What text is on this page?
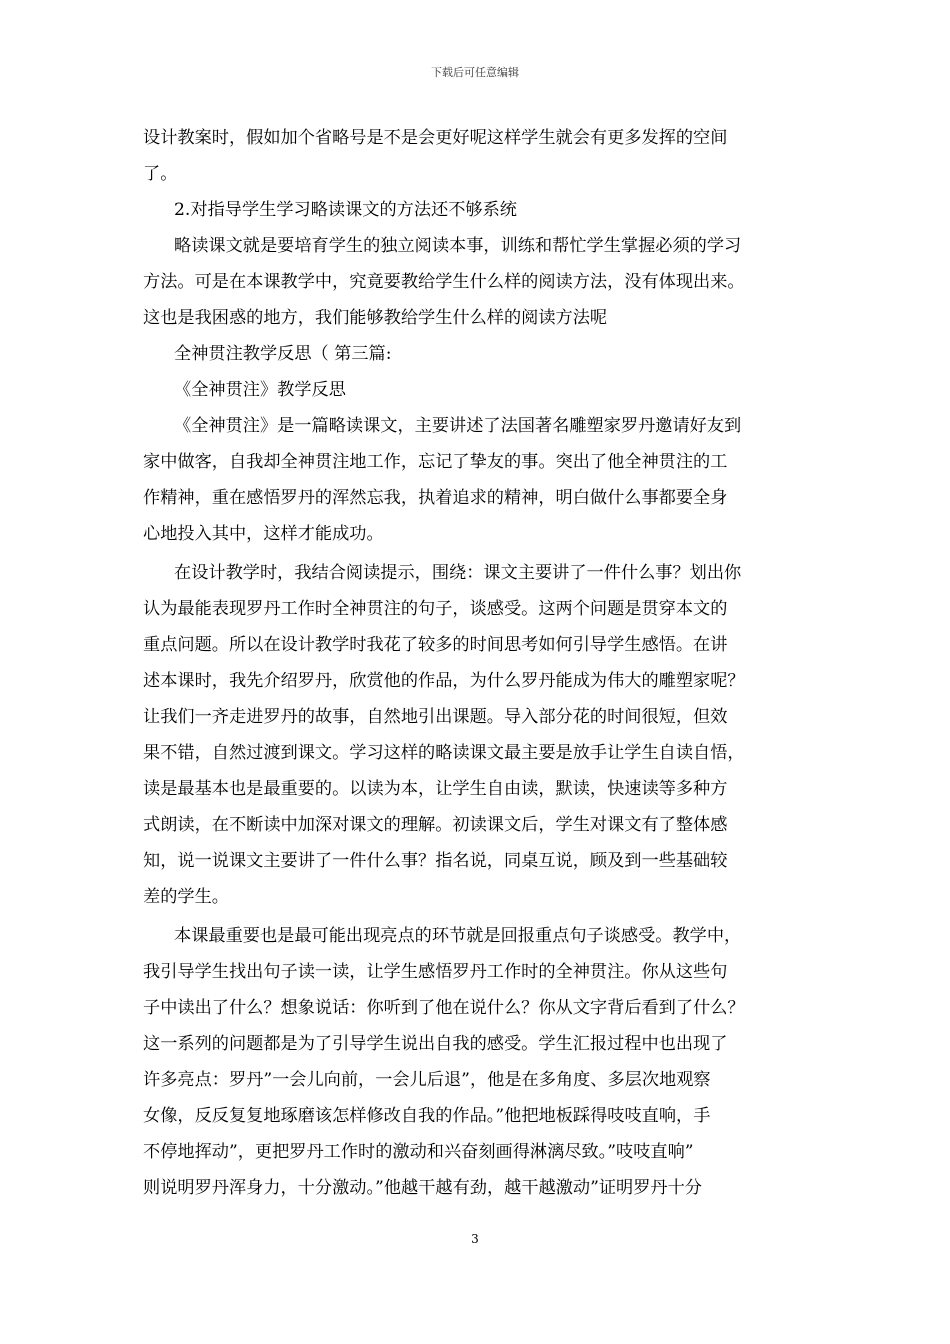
下载后可任意编辑
设计教案时，假如加个省略号是不是会更好呢这样学生就会有更多发挥的空间
了。
2.对指导学生学习略读课文的方法还不够系统
略读课文就是要培育学生的独立阅读本事，训练和帮忙学生掌握必须的学习
方法。可是在本课教学中，究竟要教给学生什么样的阅读方法，没有体现出来。
这也是我困惑的地方，我们能够教给学生什么样的阅读方法呢
全神贯注教学反思（ 第三篇:
《全神贯注》教学反思
《全神贯注》是一篇略读课文，主要讲述了法国著名雕塑家罗丹邀请好友到
家中做客，自我却全神贯注地工作，忘记了挚友的事。突出了他全神贯注的工
作精神，重在感悟罗丹的浑然忘我，执着追求的精神，明白做什么事都要全身
心地投入其中，这样才能成功。
在设计教学时，我结合阅读提示，围绕：课文主要讲了一件什么事？划出你
认为最能表现罗丹工作时全神贯注的句子，谈感受。这两个问题是贯穿本文的
重点问题。所以在设计教学时我花了较多的时间思考如何引导学生感悟。在讲
述本课时，我先介绍罗丹，欣赏他的作品，为什么罗丹能成为伟大的雕塑家呢？
让我们一齐走进罗丹的故事，自然地引出课题。导入部分花的时间很短，但效
果不错，自然过渡到课文。学习这样的略读课文最主要是放手让学生自读自悟，
读是最基本也是最重要的。以读为本，让学生自由读，默读，快速读等多种方
式朗读，在不断读中加深对课文的理解。初读课文后，学生对课文有了整体感
知，说一说课文主要讲了一件什么事？指名说，同桌互说，顾及到一些基础较
差的学生。
本课最重要也是最可能出现亮点的环节就是回报重点句子谈感受。教学中，
我引导学生找出句子读一读，让学生感悟罗丹工作时的全神贯注。你从这些句
子中读出了什么？想象说话：你听到了他在说什么？你从文字背后看到了什么？
这一系列的问题都是为了引导学生说出自我的感受。学生汇报过程中也出现了
许多亮点：罗丹”一会儿向前，一会儿后退”，他是在多角度、多层次地观察
女像，反反复复地琢磨该怎样修改自我的作品。”他把地板踩得吱吱直响，手
不停地挥动”，更把罗丹工作时的激动和兴奋刻画得淋漓尽致。”吱吱直响”
则说明罗丹浑身力，十分激动。”他越干越有劲，越干越激动”证明罗丹十分
3
